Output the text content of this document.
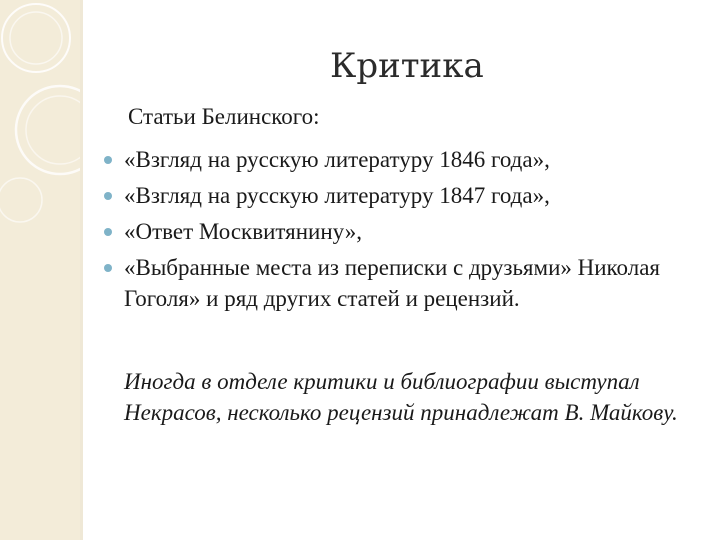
Критика
Статьи Белинского:
«Взгляд на русскую литературу 1846 года»,
«Взгляд на русскую литературу 1847 года»,
«Ответ Москвитянину»,
«Выбранные места из переписки с друзьями» Николая Гоголя» и ряд других статей и рецензий.

Иногда в отделе критики и библиографии выступал Некрасов, несколько рецензий принадлежат В. Майкову.
